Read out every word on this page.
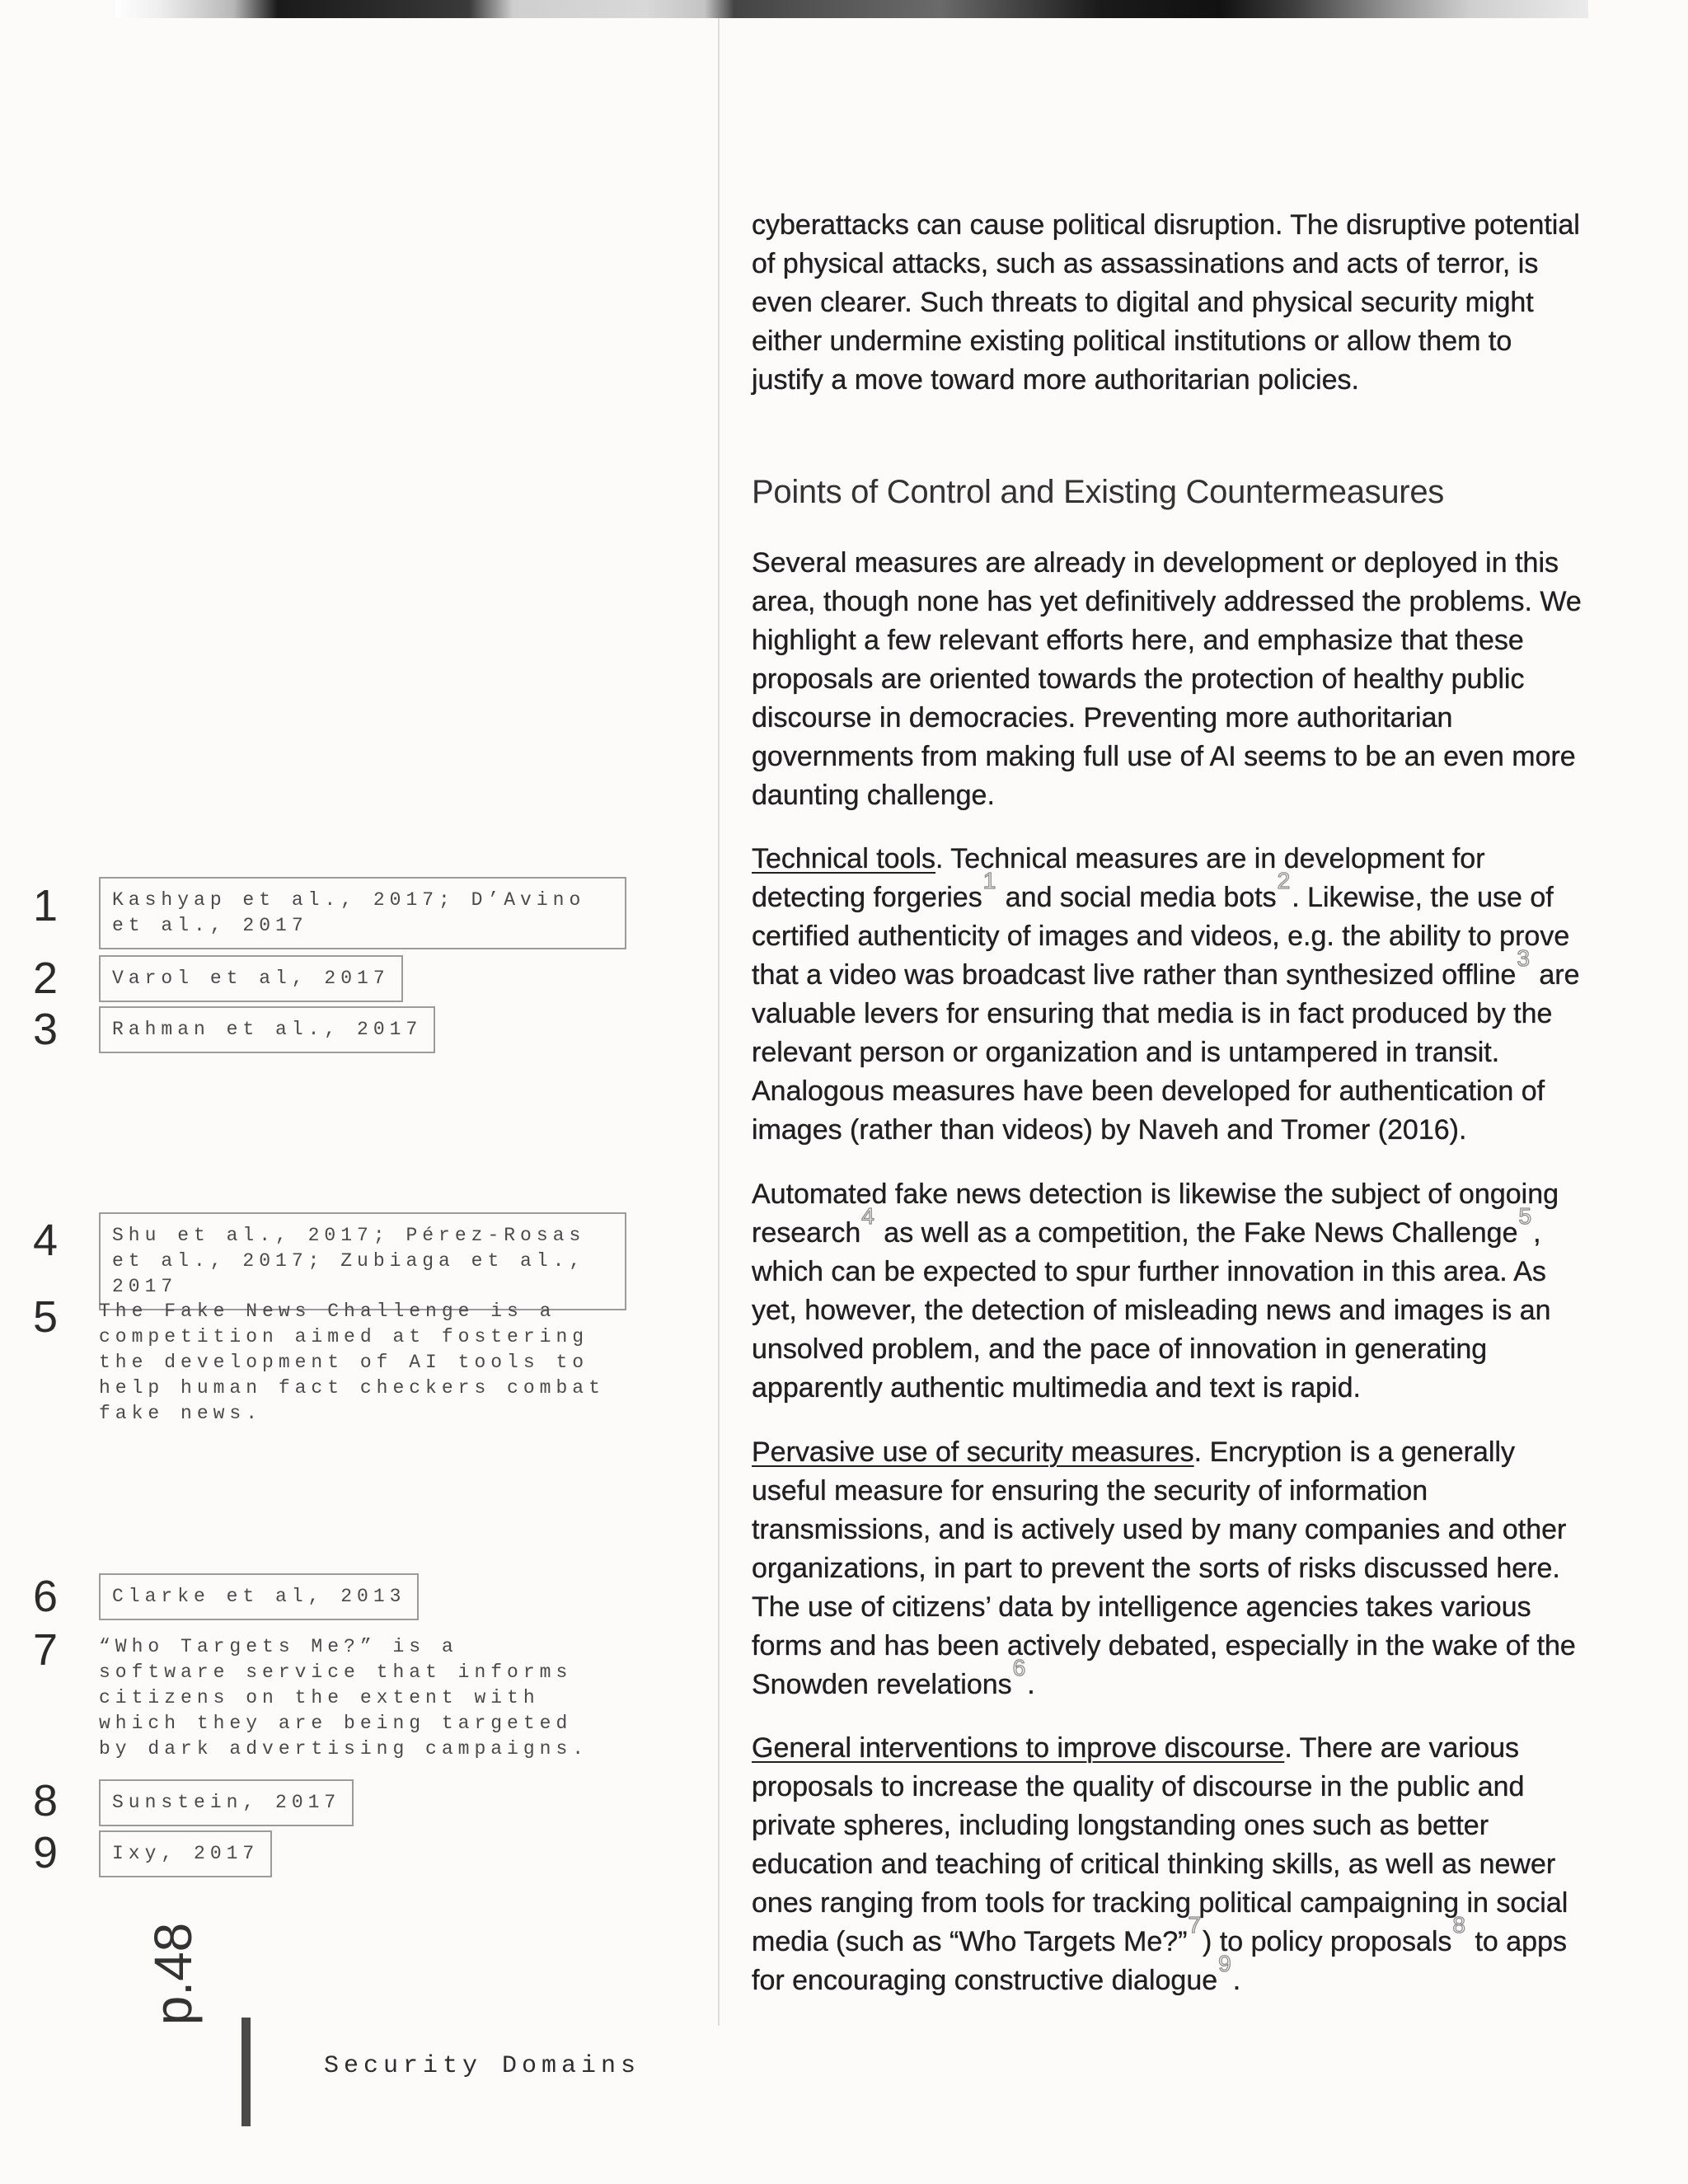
cyberattacks can cause political disruption. The disruptive potential of physical attacks, such as assassinations and acts of terror, is even clearer. Such threats to digital and physical security might either undermine existing political institutions or allow them to justify a move toward more authoritarian policies.

Points of Control and Existing Countermeasures

Several measures are already in development or deployed in this area, though none has yet definitively addressed the problems. We highlight a few relevant efforts here, and emphasize that these proposals are oriented towards the protection of healthy public discourse in democracies. Preventing more authoritarian governments from making full use of AI seems to be an even more daunting challenge.

Technical tools. Technical measures are in development for detecting forgeries1 and social media bots2. Likewise, the use of certified authenticity of images and videos, e.g. the ability to prove that a video was broadcast live rather than synthesized offline3 are valuable levers for ensuring that media is in fact produced by the relevant person or organization and is untampered in transit. Analogous measures have been developed for authentication of images (rather than videos) by Naveh and Tromer (2016).

Automated fake news detection is likewise the subject of ongoing research4 as well as a competition, the Fake News Challenge5, which can be expected to spur further innovation in this area. As yet, however, the detection of misleading news and images is an unsolved problem, and the pace of innovation in generating apparently authentic multimedia and text is rapid.

Pervasive use of security measures. Encryption is a generally useful measure for ensuring the security of information transmissions, and is actively used by many companies and other organizations, in part to prevent the sorts of risks discussed here. The use of citizens’ data by intelligence agencies takes various forms and has been actively debated, especially in the wake of the Snowden revelations6.

General interventions to improve discourse. There are various proposals to increase the quality of discourse in the public and private spheres, including longstanding ones such as better education and teaching of critical thinking skills, as well as newer ones ranging from tools for tracking political campaigning in social media (such as “Who Targets Me?”7) to policy proposals8 to apps for encouraging constructive dialogue9.

1	Kashyap et al., 2017; D’Avino et al., 2017
2	Varol et al, 2017
3	Rahman et al., 2017
4	Shu et al., 2017; Pérez-Rosas et al., 2017; Zubiaga et al., 2017
5 The Fake News Challenge is a competition aimed at fostering the development of AI tools to help human fact checkers combat fake news.
6	Clarke et al, 2013
7 “Who Targets Me?” is a software service that informs citizens on the extent with which they are being targeted by dark advertising campaigns.
8	Sunstein, 2017
9	Ixy, 2017
p.48
Security Domains
